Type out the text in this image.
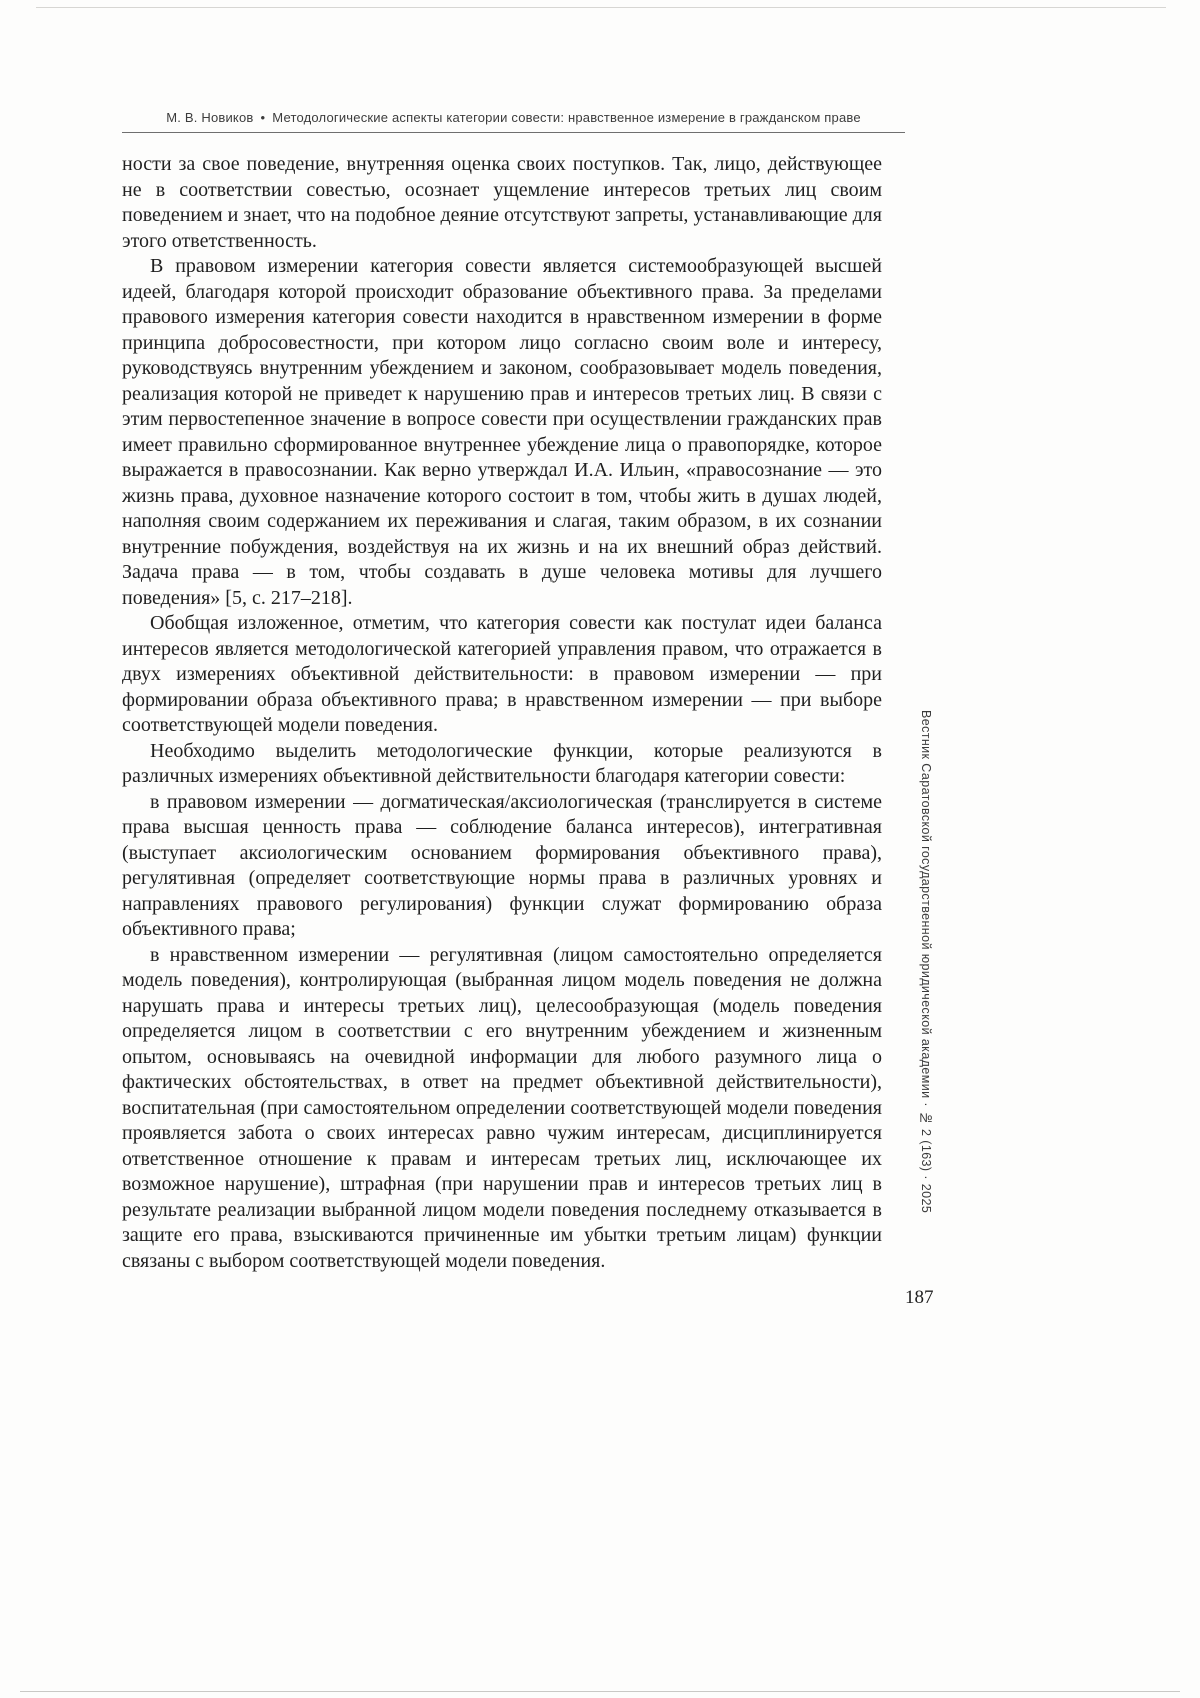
М. В. Новиков • Методологические аспекты категории совести: нравственное измерение в гражданском праве

ности за свое поведение, внутренняя оценка своих поступков. Так, лицо, действующее не в соответствии совестью, осознает ущемление интересов третьих лиц своим поведением и знает, что на подобное деяние отсутствуют запреты, устанавливающие для этого ответственность.

В правовом измерении категория совести является системообразующей высшей идеей, благодаря которой происходит образование объективного права. За пределами правового измерения категория совести находится в нравственном измерении в форме принципа добросовестности, при котором лицо согласно своим воле и интересу, руководствуясь внутренним убеждением и законом, сообразовывает модель поведения, реализация которой не приведет к нарушению прав и интересов третьих лиц. В связи с этим первостепенное значение в вопросе совести при осуществлении гражданских прав имеет правильно сформированное внутреннее убеждение лица о правопорядке, которое выражается в правосознании. Как верно утверждал И.А. Ильин, «правосознание — это жизнь права, духовное назначение которого состоит в том, чтобы жить в душах людей, наполняя своим содержанием их переживания и слагая, таким образом, в их сознании внутренние побуждения, воздействуя на их жизнь и на их внешний образ действий. Задача права — в том, чтобы создавать в душе человека мотивы для лучшего поведения» [5, с. 217–218].

Обобщая изложенное, отметим, что категория совести как постулат идеи баланса интересов является методологической категорией управления правом, что отражается в двух измерениях объективной действительности: в правовом измерении — при формировании образа объективного права; в нравственном измерении — при выборе соответствующей модели поведения.

Необходимо выделить методологические функции, которые реализуются в различных измерениях объективной действительности благодаря категории совести:

в правовом измерении — догматическая/аксиологическая (транслируется в системе права высшая ценность права — соблюдение баланса интересов), интегративная (выступает аксиологическим основанием формирования объективного права), регулятивная (определяет соответствующие нормы права в различных уровнях и направлениях правового регулирования) функции служат формированию образа объективного права;

в нравственном измерении — регулятивная (лицом самостоятельно определяется модель поведения), контролирующая (выбранная лицом модель поведения не должна нарушать права и интересы третьих лиц), целесообразующая (модель поведения определяется лицом в соответствии с его внутренним убеждением и жизненным опытом, основываясь на очевидной информации для любого разумного лица о фактических обстоятельствах, в ответ на предмет объективной действительности), воспитательная (при самостоятельном определении соответствующей модели поведения проявляется забота о своих интересах равно чужим интересам, дисциплинируется ответственное отношение к правам и интересам третьих лиц, исключающее их возможное нарушение), штрафная (при нарушении прав и интересов третьих лиц в результате реализации выбранной лицом модели поведения последнему отказывается в защите его права, взыскиваются причиненные им убытки третьим лицам) функции связаны с выбором соответствующей модели поведения.

Вестник Саратовской государственной юридической академии · № 2 (163) · 2025
187
